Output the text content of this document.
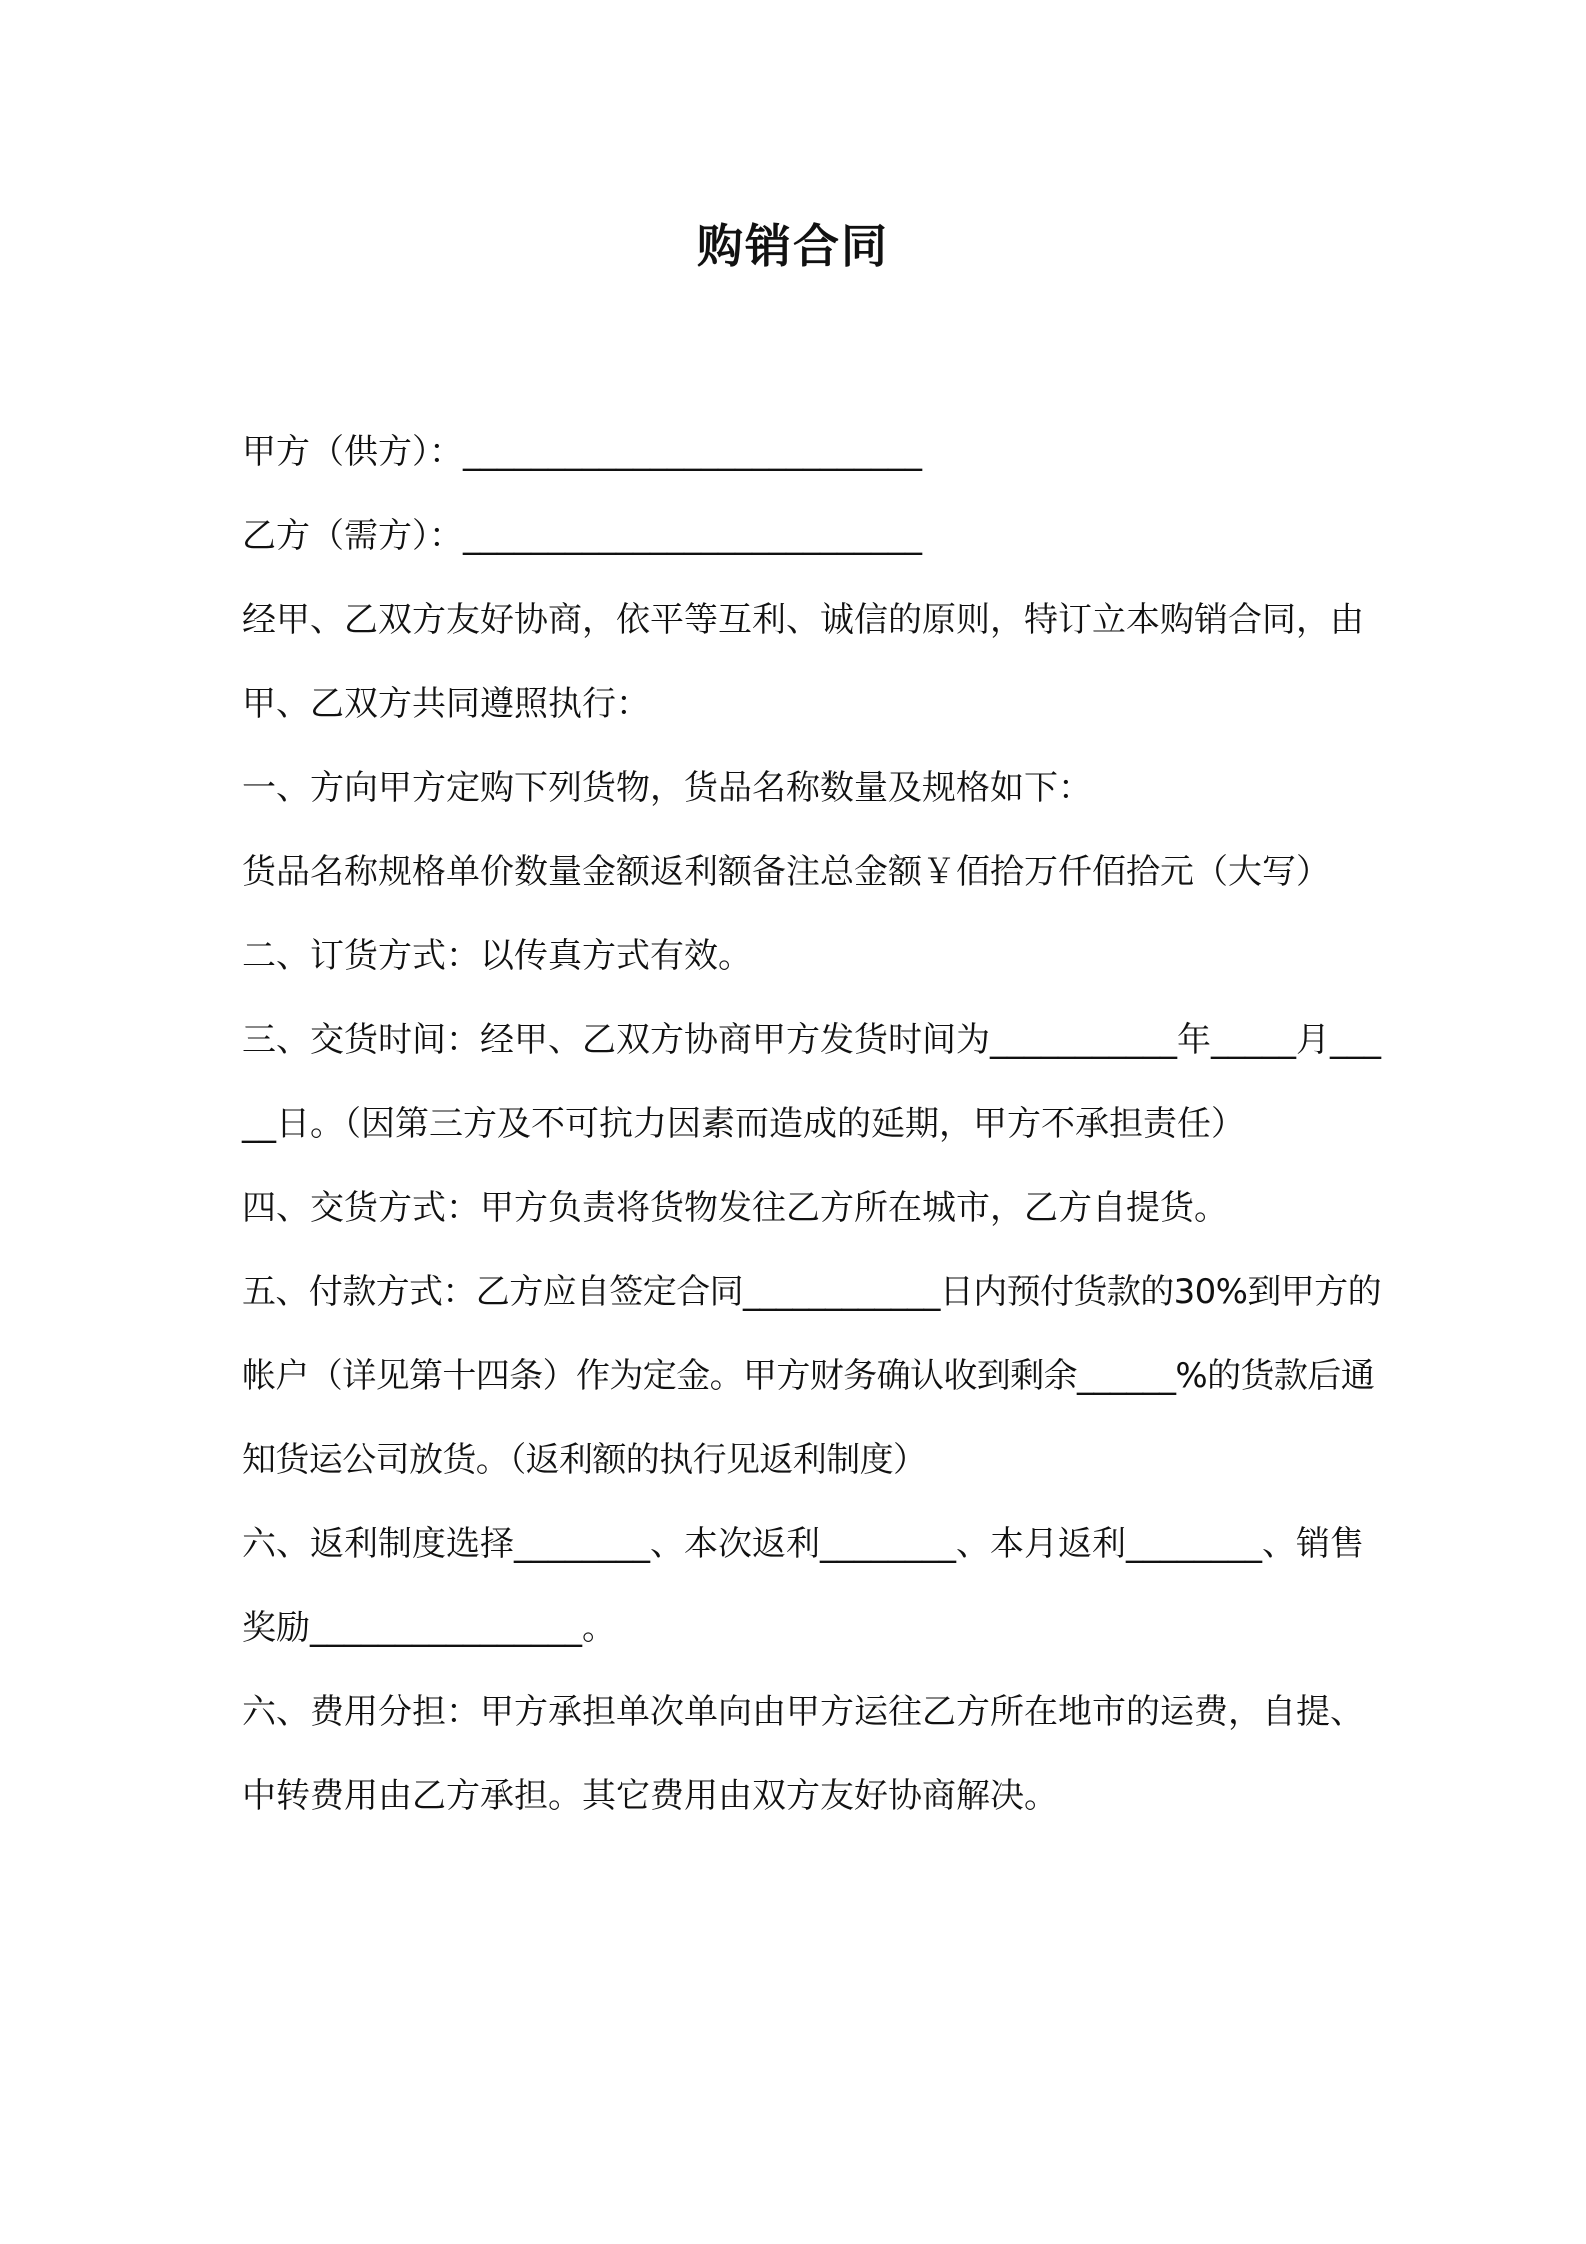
购销合同

甲方（供方）：___________________________

乙方（需方）：___________________________

经甲、乙双方友好协商，依平等互利、诚信的原则，特订立本购销合同，由甲、乙双方共同遵照执行：

一、方向甲方定购下列货物，货品名称数量及规格如下：

货品名称规格单价数量金额返利额备注总金额￥佰拾万仟佰拾元（大写）

二、订货方式：以传真方式有效。

三、交货时间：经甲、乙双方协商甲方发货时间为___________年_____月_____日。（因第三方及不可抗力因素而造成的延期，甲方不承担责任）

四、交货方式：甲方负责将货物发往乙方所在城市，乙方自提货。

五、付款方式：乙方应自签定合同____________日内预付货款的30%到甲方的帐户（详见第十四条）作为定金。甲方财务确认收到剩余______%的货款后通知货运公司放货。（返利额的执行见返利制度）

六、返利制度选择________、本次返利________、本月返利________、销售奖励________________。

六、费用分担：甲方承担单次单向由甲方运往乙方所在地市的运费，自提、中转费用由乙方承担。其它费用由双方友好协商解决。
